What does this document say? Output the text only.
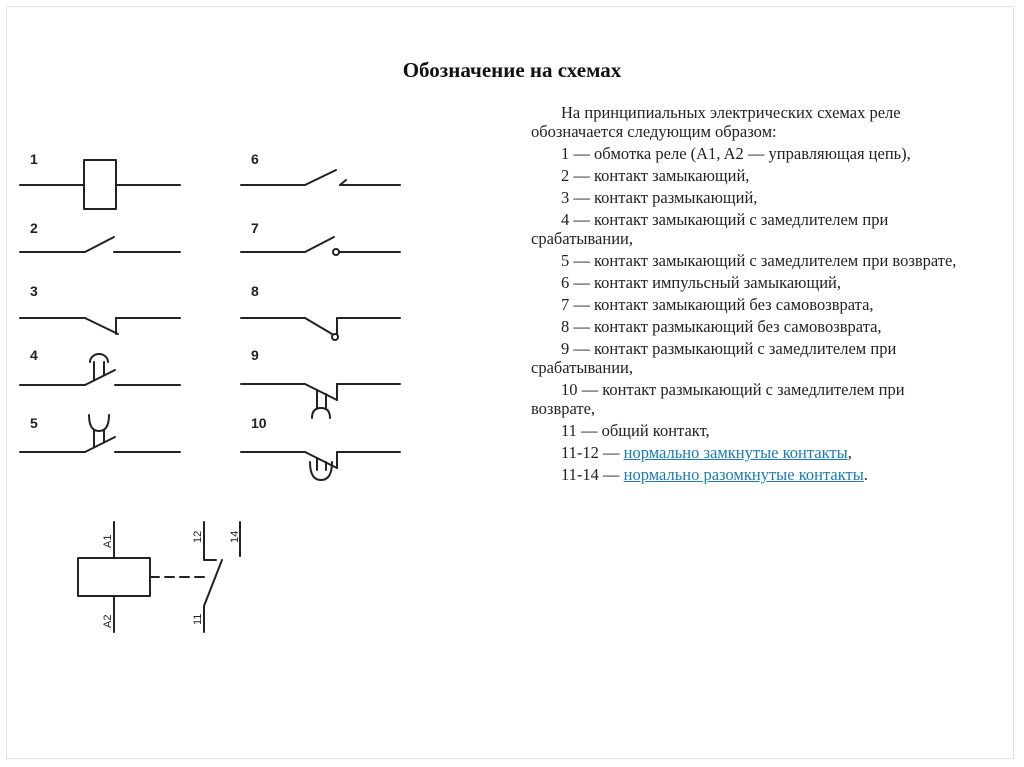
Обозначение на схемах

На принципиальных электрических схемах реле обозначается следующим образом:

1 — обмотка реле (A1, A2 — управляющая цепь),

2 — контакт замыкающий,

3 — контакт размыкающий,

4 — контакт замыкающий с замедлителем при срабатывании,

5 — контакт замыкающий с замедлителем при возврате,

6 — контакт импульсный замыкающий,

7 — контакт замыкающий без самовозврата,

8 — контакт размыкающий без самовозврата,

9 — контакт размыкающий с замедлителем при срабатывании,

10 — контакт размыкающий с замедлителем при возврате,

11 — общий контакт,

11-12 — нормально замкнутые контакты,

11-14 — нормально разомкнутые контакты.

1
2
3
4
5
6
7
8
9
10
A1
A2
12 14
11
